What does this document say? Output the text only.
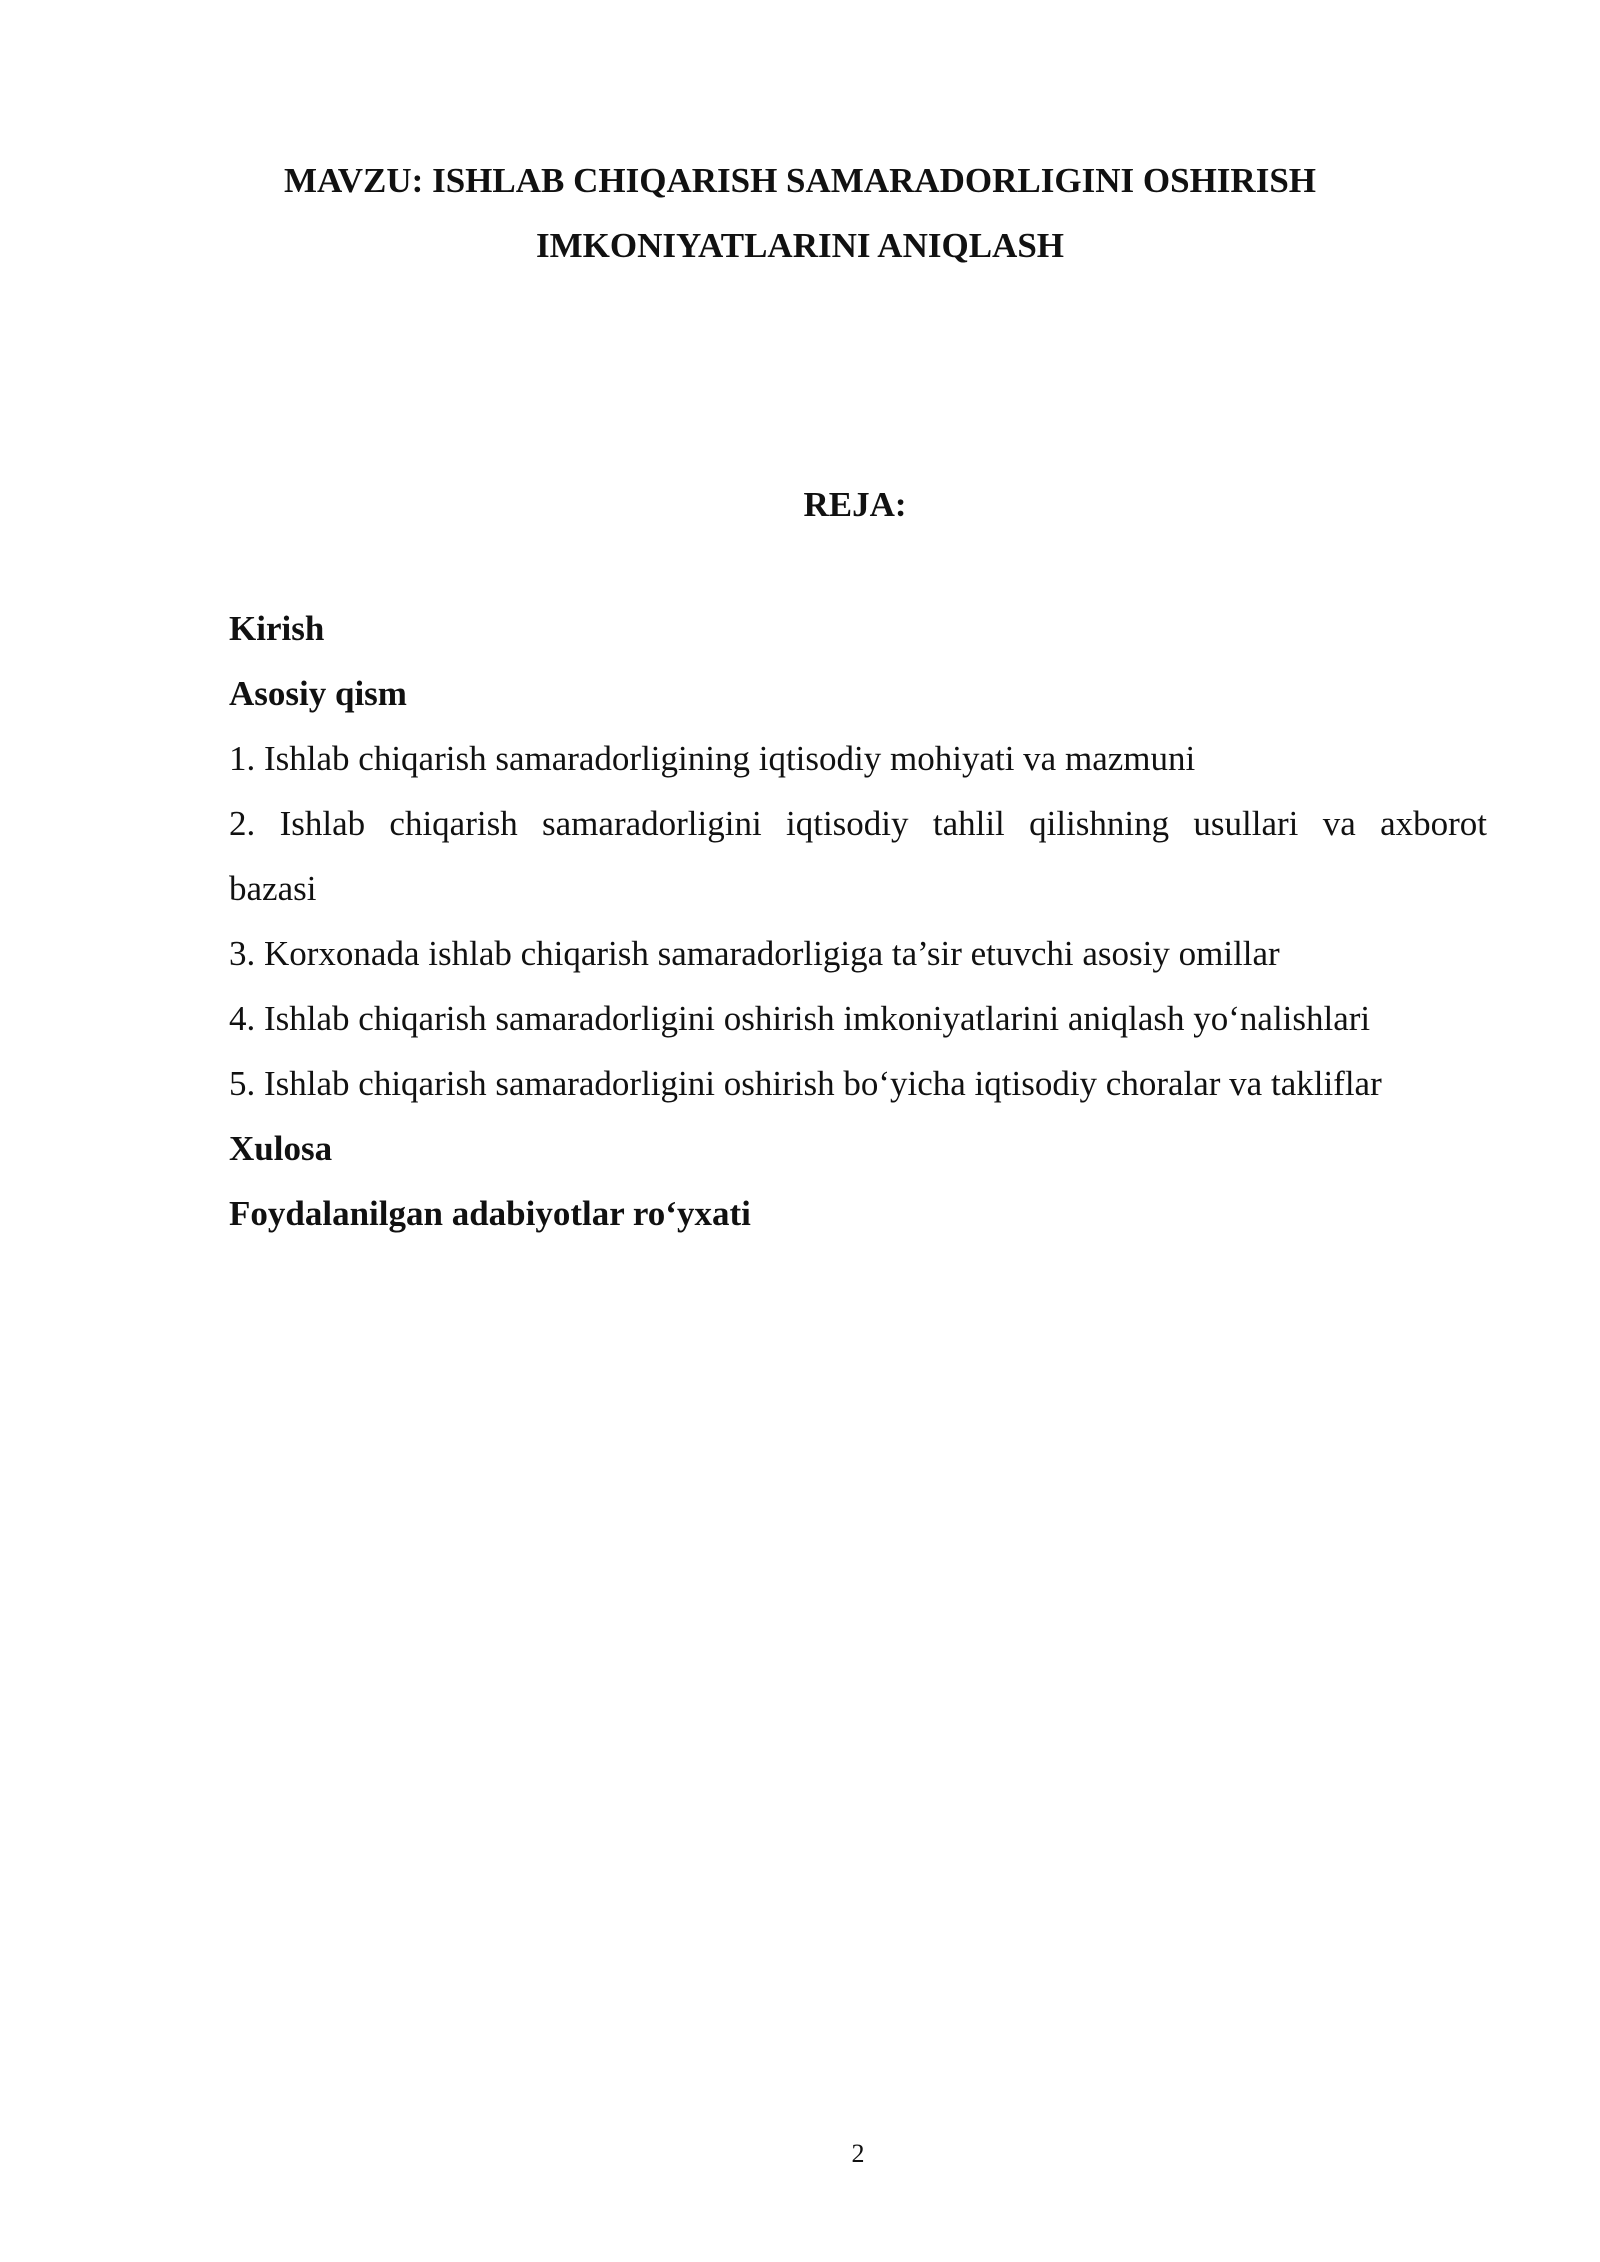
MAVZU: ISHLAB CHIQARISH SAMARADORLIGINI OSHIRISH
IMKONIYATLARINI ANIQLASH
REJA:
Kirish
Asosiy qism
1. Ishlab chiqarish samaradorligining iqtisodiy mohiyati va mazmuni
2. Ishlab chiqarish samaradorligini iqtisodiy tahlil qilishning usullari va axborot
bazasi
3. Korxonada ishlab chiqarish samaradorligiga ta’sir etuvchi asosiy omillar
4. Ishlab chiqarish samaradorligini oshirish imkoniyatlarini aniqlash yo‘nalishlari
5. Ishlab chiqarish samaradorligini oshirish bo‘yicha iqtisodiy choralar va takliflar
Xulosa
Foydalanilgan adabiyotlar ro‘yxati
2
